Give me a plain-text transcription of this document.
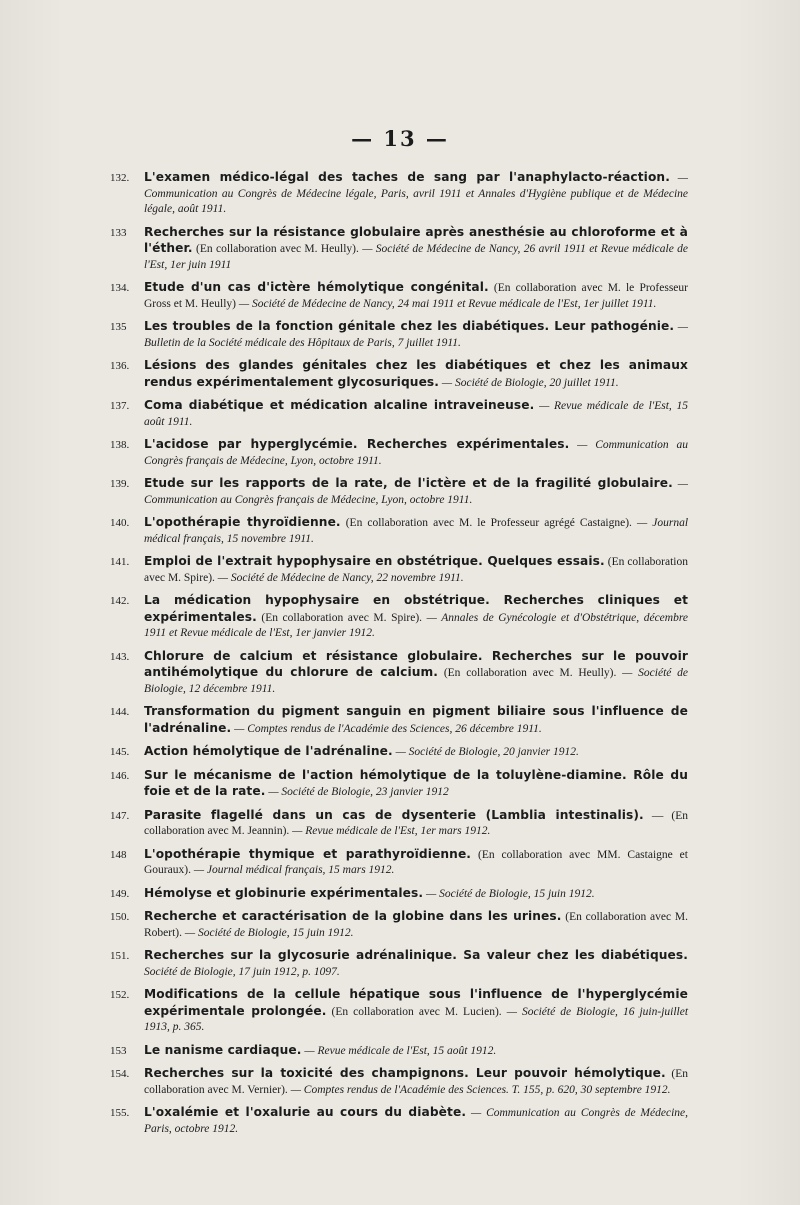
— 13 —
132.	L'examen médico-légal des taches de sang par l'anaphylacto-réaction. — Communication au Congrès de Médecine légale, Paris, avril 1911 et Annales d'Hygiène publique et de Médecine légale, août 1911.
133	Recherches sur la résistance globulaire après anesthésie au chloroforme et à l'éther. (En collaboration avec M. Heully). — Société de Médecine de Nancy, 26 avril 1911 et Revue médicale de l'Est, 1er juin 1911
134.	Etude d'un cas d'ictère hémolytique congénital. (En collaboration avec M. le Professeur Gross et M. Heully) — Société de Médecine de Nancy, 24 mai 1911 et Revue médicale de l'Est, 1er juillet 1911.
135	Les troubles de la fonction génitale chez les diabétiques. Leur pathogénie. — Bulletin de la Société médicale des Hôpitaux de Paris, 7 juillet 1911.
136.	Lésions des glandes génitales chez les diabétiques et chez les animaux rendus expérimentalement glycosuriques. — Société de Biologie, 20 juillet 1911.
137.	Coma diabétique et médication alcaline intraveineuse. — Revue médicale de l'Est, 15 août 1911.
138.	L'acidose par hyperglycémie. Recherches expérimentales. — Communication au Congrès français de Médecine, Lyon, octobre 1911.
139.	Etude sur les rapports de la rate, de l'ictère et de la fragilité globulaire. — Communication au Congrès français de Médecine, Lyon, octobre 1911.
140.	L'opothérapie thyroïdienne. (En collaboration avec M. le Professeur agrégé Castaigne). — Journal médical français, 15 novembre 1911.
141.	Emploi de l'extrait hypophysaire en obstétrique. Quelques essais. (En collaboration avec M. Spire). — Société de Médecine de Nancy, 22 novembre 1911.
142.	La médication hypophysaire en obstétrique. Recherches cliniques et expérimentales. (En collaboration avec M. Spire). — Annales de Gynécologie et d'Obstétrique, décembre 1911 et Revue médicale de l'Est, 1er janvier 1912.
143.	Chlorure de calcium et résistance globulaire. Recherches sur le pouvoir antihémolytique du chlorure de calcium. (En collaboration avec M. Heully). — Société de Biologie, 12 décembre 1911.
144.	Transformation du pigment sanguin en pigment biliaire sous l'influence de l'adrénaline. — Comptes rendus de l'Académie des Sciences, 26 décembre 1911.
145.	Action hémolytique de l'adrénaline. — Société de Biologie, 20 janvier 1912.
146.	Sur le mécanisme de l'action hémolytique de la toluylène-diamine. Rôle du foie et de la rate. — Société de Biologie, 23 janvier 1912
147.	Parasite flagellé dans un cas de dysenterie (Lamblia intestinalis). — (En collaboration avec M. Jeannin). — Revue médicale de l'Est, 1er mars 1912.
148	L'opothérapie thymique et parathyroïdienne. (En collaboration avec MM. Castaigne et Gouraux). — Journal médical français, 15 mars 1912.
149.	Hémolyse et globinurie expérimentales. — Société de Biologie, 15 juin 1912.
150.	Recherche et caractérisation de la globine dans les urines. (En collaboration avec M. Robert). — Société de Biologie, 15 juin 1912.
151.	Recherches sur la glycosurie adrénalinique. Sa valeur chez les diabétiques. Société de Biologie, 17 juin 1912, p. 1097.
152.	Modifications de la cellule hépatique sous l'influence de l'hyperglycémie expérimentale prolongée. (En collaboration avec M. Lucien). — Société de Biologie, 16 juin-juillet 1913, p. 365.
153	Le nanisme cardiaque. — Revue médicale de l'Est, 15 août 1912.
154.	Recherches sur la toxicité des champignons. Leur pouvoir hémolytique. (En collaboration avec M. Vernier). — Comptes rendus de l'Académie des Sciences. T. 155, p. 620, 30 septembre 1912.
155.	L'oxalémie et l'oxalurie au cours du diabète. — Communication au Congrès de Médecine, Paris, octobre 1912.
